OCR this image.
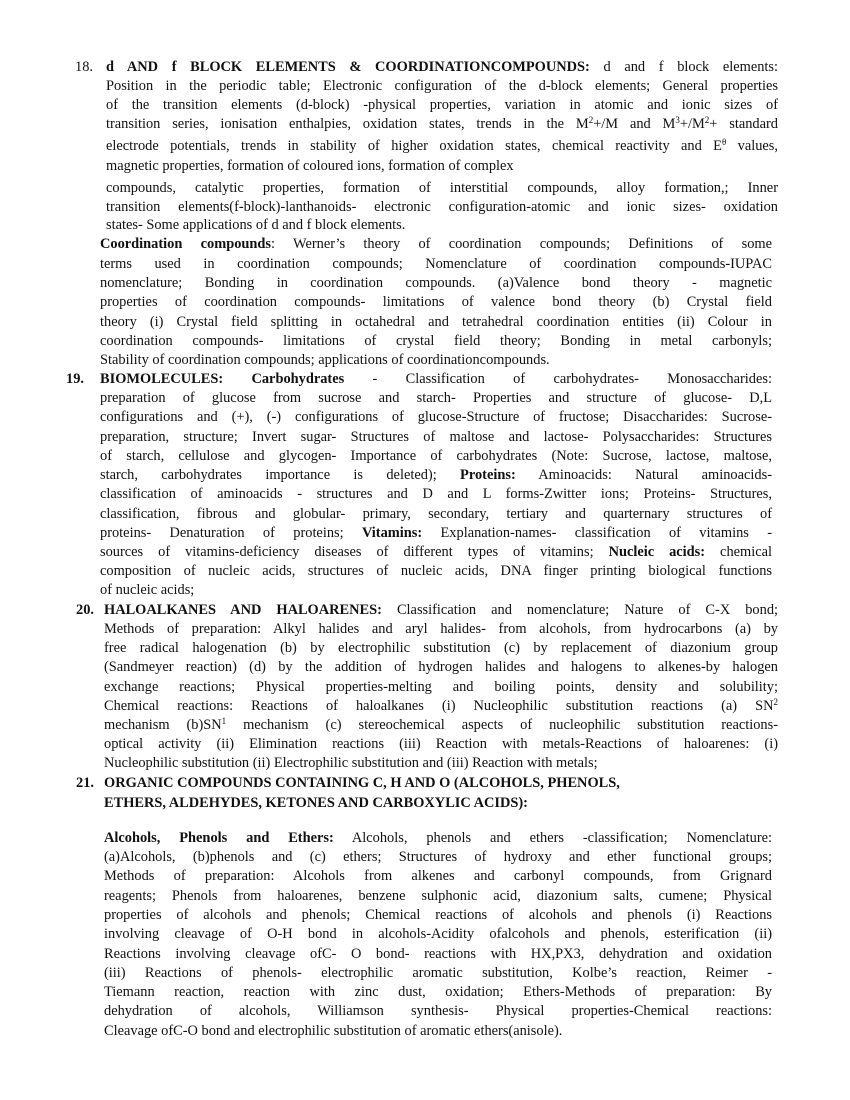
18. d AND f BLOCK ELEMENTS & COORDINATIONCOMPOUNDS: d and f block elements:
Position in the periodic table; Electronic configuration of the d-block elements; General properties
of the transition elements (d-block) -physical properties, variation in atomic and ionic sizes of
transition series, ionisation enthalpies, oxidation states, trends in the $M^2+/M$ and $M^3+/M^2+$ standard
electrode potentials, trends in stability of higher oxidation states, chemical reactivity and $E^\theta$ values,
magnetic properties, formation of coloured ions, formation of complex
compounds, catalytic properties, formation of interstitial compounds, alloy formation,; Inner
transition elements(f-block)-lanthanoids- electronic configuration-atomic and ionic sizes- oxidation
states- Some applications of d and f block elements.
Coordination compounds: Werner’s theory of coordination compounds; Definitions of some
terms used in coordination compounds; Nomenclature of coordination compounds-IUPAC
nomenclature; Bonding in coordination compounds. (a)Valence bond theory - magnetic
properties of coordination compounds- limitations of valence bond theory (b) Crystal field
theory (i) Crystal field splitting in octahedral and tetrahedral coordination entities (ii) Colour in
coordination compounds- limitations of crystal field theory; Bonding in metal carbonyls;
Stability of coordination compounds; applications of coordinationcompounds.
19. BIOMOLECULES: Carbohydrates - Classification of carbohydrates- Monosaccharides:
preparation of glucose from sucrose and starch- Properties and structure of glucose- D,L
configurations and (+), (-) configurations of glucose-Structure of fructose; Disaccharides: Sucrose-
preparation, structure; Invert sugar- Structures of maltose and lactose- Polysaccharides: Structures
of starch, cellulose and glycogen- Importance of carbohydrates (Note: Sucrose, lactose, maltose,
starch, carbohydrates importance is deleted); Proteins: Aminoacids: Natural aminoacids-
classification of aminoacids - structures and D and L forms-Zwitter ions; Proteins- Structures,
classification, fibrous and globular- primary, secondary, tertiary and quarternary structures of
proteins- Denaturation of proteins; Vitamins: Explanation-names- classification of vitamins -
sources of vitamins-deficiency diseases of different types of vitamins; Nucleic acids: chemical
composition of nucleic acids, structures of nucleic acids, DNA finger printing biological functions
of nucleic acids;
20. HALOALKANES AND HALOARENES: Classification and nomenclature; Nature of C-X bond;
Methods of preparation: Alkyl halides and aryl halides- from alcohols, from hydrocarbons (a) by
free radical halogenation (b) by electrophilic substitution (c) by replacement of diazonium group
(Sandmeyer reaction) (d) by the addition of hydrogen halides and halogens to alkenes-by halogen
exchange reactions; Physical properties-melting and boiling points, density and solubility;
Chemical reactions: Reactions of haloalkanes (i) Nucleophilic substitution reactions (a) $SN^2$
mechanism $(b)SN^1$ mechanism (c) stereochemical aspects of nucleophilic substitution reactions-
optical activity (ii) Elimination reactions (iii) Reaction with metals-Reactions of haloarenes: (i)
Nucleophilic substitution (ii) Electrophilic substitution and (iii) Reaction with metals;
21. ORGANIC COMPOUNDS CONTAINING C, H AND O (ALCOHOLS, PHENOLS,
ETHERS, ALDEHYDES, KETONES AND CARBOXYLIC ACIDS):
Alcohols, Phenols and Ethers: Alcohols, phenols and ethers -classification; Nomenclature:
(a)Alcohols, (b)phenols and (c) ethers; Structures of hydroxy and ether functional groups;
Methods of preparation: Alcohols from alkenes and carbonyl compounds, from Grignard
reagents; Phenols from haloarenes, benzene sulphonic acid, diazonium salts, cumene; Physical
properties of alcohols and phenols; Chemical reactions of alcohols and phenols (i) Reactions
involving cleavage of O-H bond in alcohols-Acidity ofalcohols and phenols, esterification (ii)
Reactions involving cleavage ofC- O bond- reactions with HX,PX3, dehydration and oxidation
(iii) Reactions of phenols- electrophilic aromatic substitution, Kolbe’s reaction, Reimer -
Tiemann reaction, reaction with zinc dust, oxidation; Ethers-Methods of preparation: By
dehydration of alcohols, Williamson synthesis- Physical properties-Chemical reactions:
Cleavage ofC-O bond and electrophilic substitution of aromatic ethers(anisole).
